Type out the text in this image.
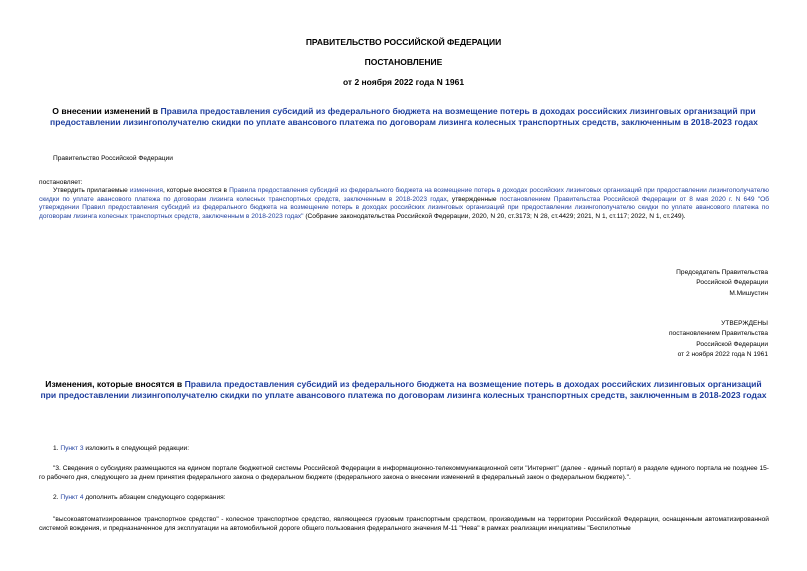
ПРАВИТЕЛЬСТВО РОССИЙСКОЙ ФЕДЕРАЦИИ
ПОСТАНОВЛЕНИЕ
от 2 ноября 2022 года N 1961
О внесении изменений в Правила предоставления субсидий из федерального бюджета на возмещение потерь в доходах российских лизинговых организаций при предоставлении лизингополучателю скидки по уплате авансового платежа по договорам лизинга колесных транспортных средств, заключенным в 2018-2023 годах
Правительство Российской Федерации
постановляет:
Утвердить прилагаемые изменения, которые вносятся в Правила предоставления субсидий из федерального бюджета на возмещение потерь в доходах российских лизинговых организаций при предоставлении лизингополучателю скидки по уплате авансового платежа по договорам лизинга колесных транспортных средств, заключенным в 2018-2023 годах, утвержденные постановлением Правительства Российской Федерации от 8 мая 2020 г. N 649 "Об утверждении Правил предоставления субсидий из федерального бюджета на возмещение потерь в доходах российских лизинговых организаций при предоставлении лизингополучателю скидки по уплате авансового платежа по договорам лизинга колесных транспортных средств, заключенным в 2018-2023 годах" (Собрание законодательства Российской Федерации, 2020, N 20, ст.3173; N 28, ст.4429; 2021, N 1, ст.117; 2022, N 1, ст.249).
Председатель Правительства
Российской Федерации
М.Мишустин
УТВЕРЖДЕНЫ
постановлением Правительства
Российской Федерации
от 2 ноября 2022 года N 1961
Изменения, которые вносятся в Правила предоставления субсидий из федерального бюджета на возмещение потерь в доходах российских лизинговых организаций при предоставлении лизингополучателю скидки по уплате авансового платежа по договорам лизинга колесных транспортных средств, заключенным в 2018-2023 годах
1. Пункт 3 изложить в следующей редакции:
"3. Сведения о субсидиях размещаются на едином портале бюджетной системы Российской Федерации в информационно-телекоммуникационной сети "Интернет" (далее - единый портал) в разделе единого портала не позднее 15-го рабочего дня, следующего за днем принятия федерального закона о федеральном бюджете (федерального закона о внесении изменений в федеральный закон о федеральном бюджете).".
2. Пункт 4 дополнить абзацем следующего содержания:
"высокоавтоматизированное транспортное средство" - колесное транспортное средство, являющееся грузовым транспортным средством, производимым на территории Российской Федерации, оснащенным автоматизированной системой вождения, и предназначенное для эксплуатации на автомобильной дороге общего пользования федерального значения М-11 "Нева" в рамках реализации инициативы "Беспилотные
